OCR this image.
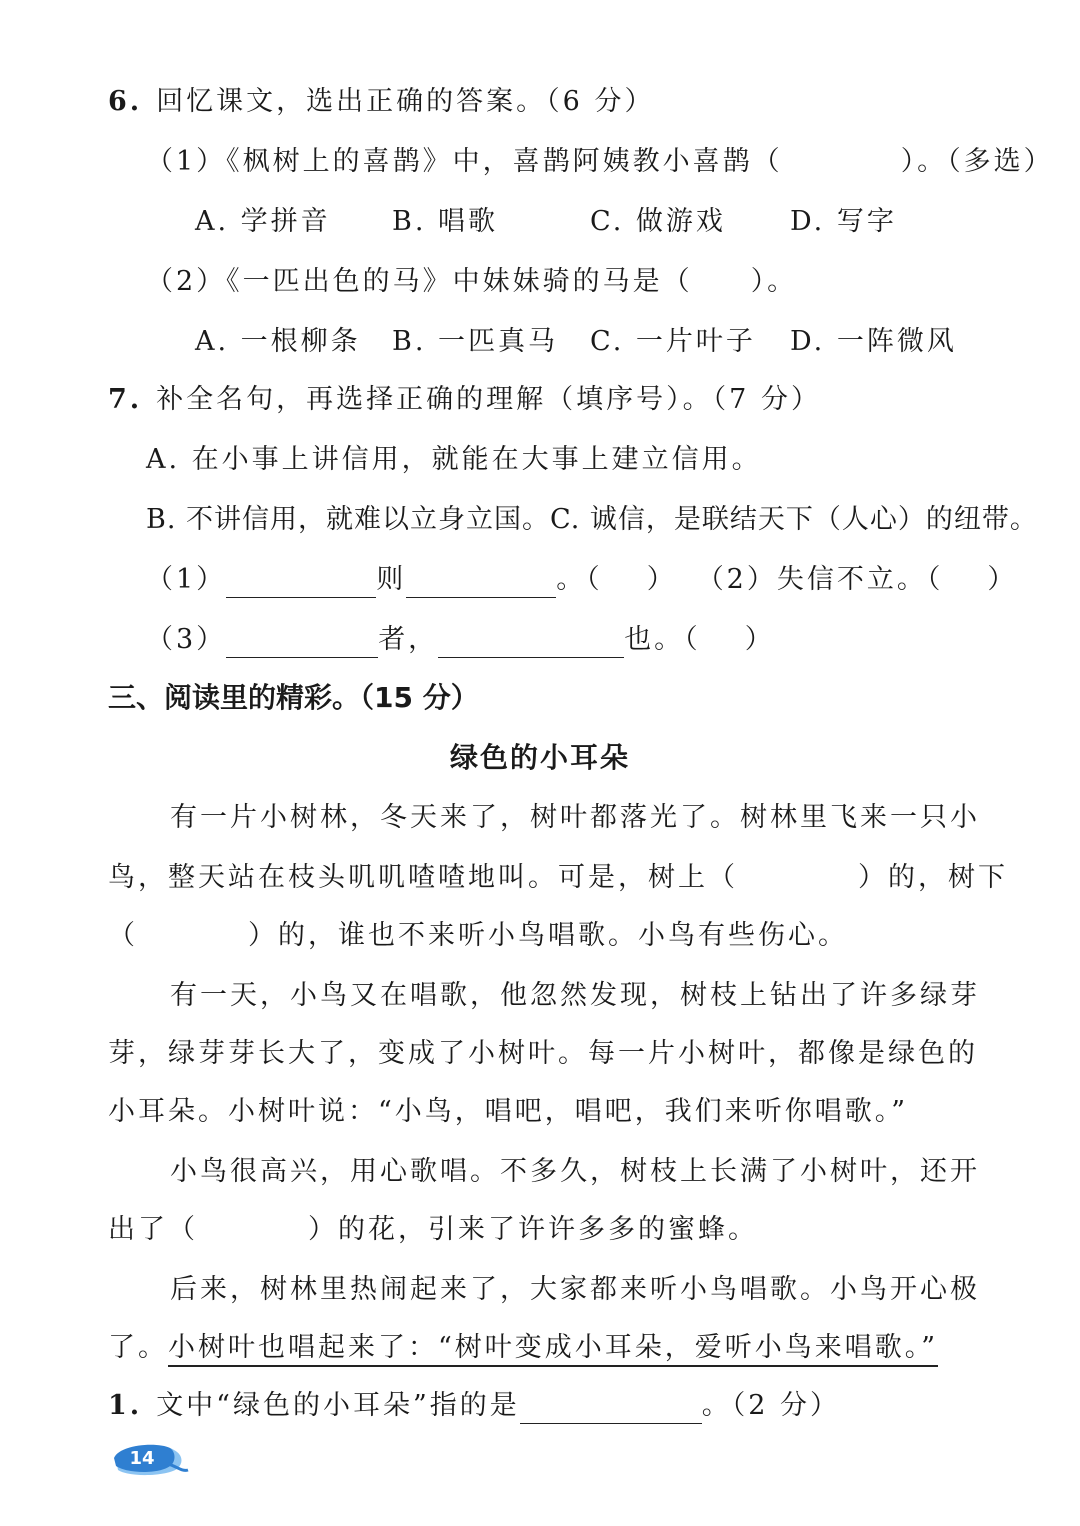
6. 回忆课文，选出正确的答案。（6 分）
（1）《枫树上的喜鹊》中，喜鹊阿姨教小喜鹊（	）。（多选）
A. 学拼音 B. 唱歌	C. 做游戏 D. 写字
（2）《一匹出色的马》中妹妹骑的马是（ ）。
A. 一根柳条 B. 一匹真马 C. 一片叶子 D. 一阵微风
7. 补全名句，再选择正确的理解（填序号）。（7 分）
A. 在小事上讲信用，就能在大事上建立信用。
B. 不讲信用，就难以立身立国。C. 诚信，是联结天下（人心）的纽带。
（1）	则	。（ ） （2）失信不立。（ ）
（3）	者，	也。（ ）
三、阅读里的精彩。（15 分）
绿色的小耳朵
有一片小树林，冬天来了，树叶都落光了。树林里飞来一只小
鸟，整天站在枝头叽叽喳喳地叫。可是，树上（	）的，树下
（	）的，谁也不来听小鸟唱歌。小鸟有些伤心。
有一天，小鸟又在唱歌，他忽然发现，树枝上钻出了许多绿芽
芽，绿芽芽长大了，变成了小树叶。每一片小树叶，都像是绿色的
小耳朵。小树叶说：“小鸟，唱吧，唱吧，我们来听你唱歌。”
小鸟很高兴，用心歌唱。不多久，树枝上长满了小树叶，还开
出了（	）的花，引来了许许多多的蜜蜂。
后来，树林里热闹起来了，大家都来听小鸟唱歌。小鸟开心极
了。小树叶也唱起来了：“树叶变成小耳朵，爱听小鸟来唱歌。”
1. 文中“绿色的小耳朵”指的是	。（2 分）
14
